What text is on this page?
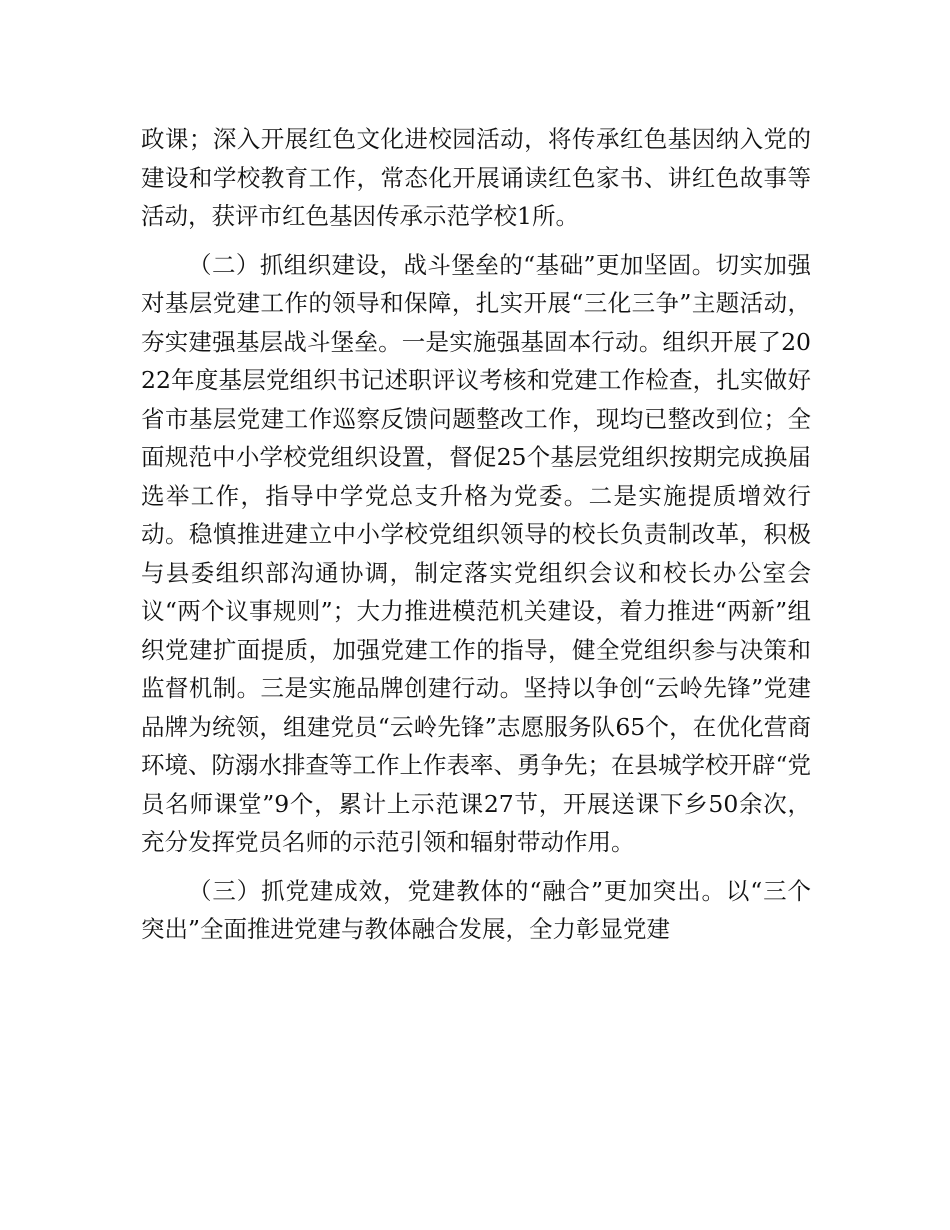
政课；深入开展红色文化进校园活动，将传承红色基因纳入党的建设和学校教育工作，常态化开展诵读红色家书、讲红色故事等活动，获评市红色基因传承示范学校1所。

（二）抓组织建设，战斗堡垒的“基础”更加坚固。切实加强对基层党建工作的领导和保障，扎实开展“三化三争”主题活动，夯实建强基层战斗堡垒。一是实施强基固本行动。组织开展了2022年度基层党组织书记述职评议考核和党建工作检查，扎实做好省市基层党建工作巡察反馈问题整改工作，现均已整改到位；全面规范中小学校党组织设置，督促25个基层党组织按期完成换届选举工作，指导中学党总支升格为党委。二是实施提质增效行动。稳慎推进建立中小学校党组织领导的校长负责制改革，积极与县委组织部沟通协调，制定落实党组织会议和校长办公室会议“两个议事规则”；大力推进模范机关建设，着力推进“两新”组织党建扩面提质，加强党建工作的指导，健全党组织参与决策和监督机制。三是实施品牌创建行动。坚持以争创“云岭先锋”党建品牌为统领，组建党员“云岭先锋”志愿服务队65个，在优化营商环境、防溺水排查等工作上作表率、勇争先；在县城学校开辟“党员名师课堂”9个，累计上示范课27节，开展送课下乡50余次，充分发挥党员名师的示范引领和辐射带动作用。

（三）抓党建成效，党建教体的“融合”更加突出。以“三个突出”全面推进党建与教体融合发展，全力彰显党建
